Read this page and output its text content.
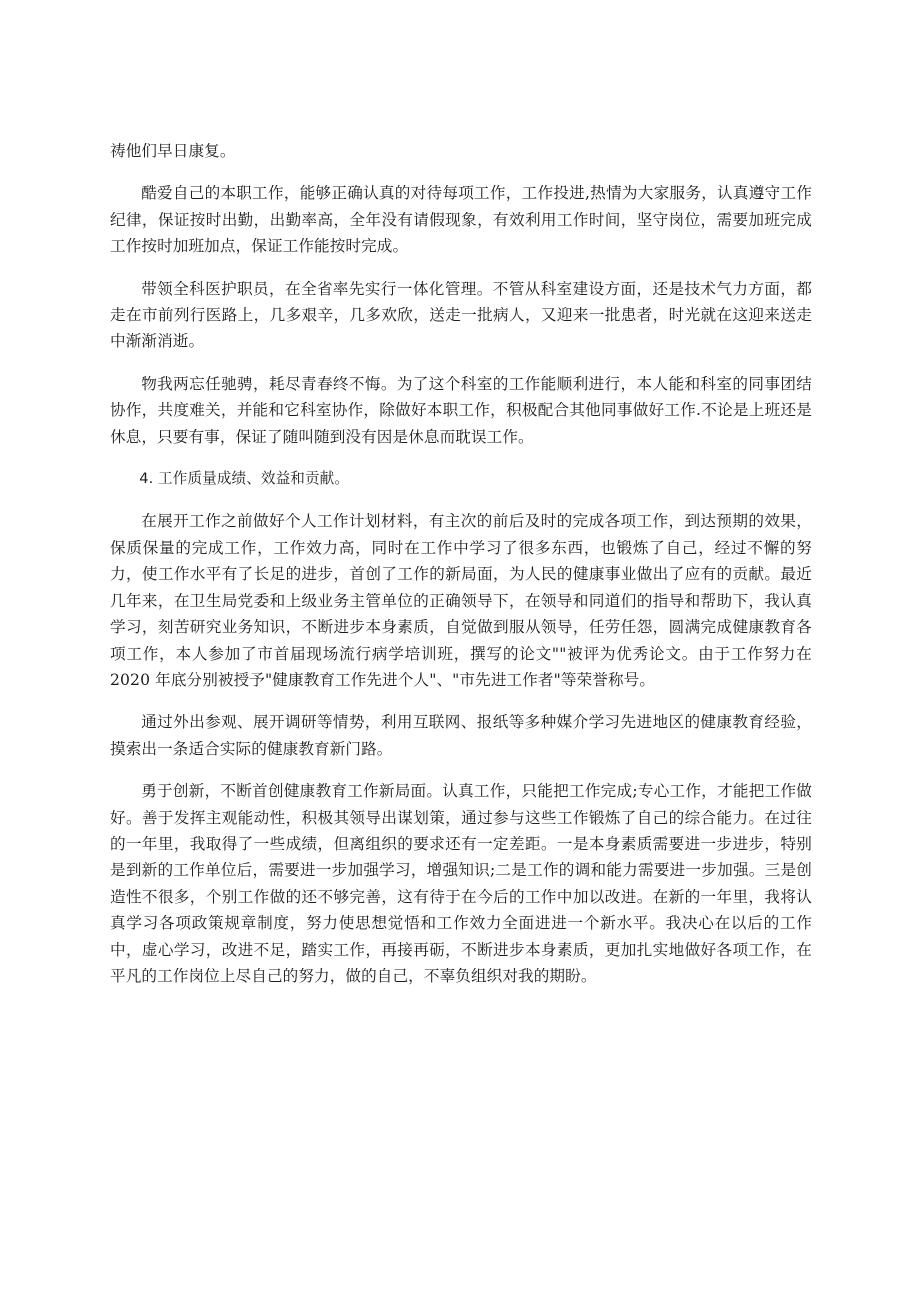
祷他们早日康复。

酷爱自己的本职工作，能够正确认真的对待每项工作，工作投进,热情为大家服务，认真遵守工作纪律，保证按时出勤，出勤率高，全年没有请假现象，有效利用工作时间，坚守岗位，需要加班完成工作按时加班加点，保证工作能按时完成。

带领全科医护职员，在全省率先实行一体化管理。不管从科室建设方面，还是技术气力方面，都走在市前列行医路上，几多艰辛，几多欢欣，送走一批病人，又迎来一批患者，时光就在这迎来送走中渐渐消逝。

物我两忘任驰骋，耗尽青春终不悔。为了这个科室的工作能顺利进行，本人能和科室的同事团结协作，共度难关，并能和它科室协作，除做好本职工作，积极配合其他同事做好工作.不论是上班还是休息，只要有事，保证了随叫随到没有因是休息而耽误工作。

4. 工作质量成绩、效益和贡献。

在展开工作之前做好个人工作计划材料，有主次的前后及时的完成各项工作，到达预期的效果，保质保量的完成工作，工作效力高，同时在工作中学习了很多东西，也锻炼了自己，经过不懈的努力，使工作水平有了长足的进步，首创了工作的新局面，为人民的健康事业做出了应有的贡献。最近几年来，在卫生局党委和上级业务主管单位的正确领导下，在领导和同道们的指导和帮助下，我认真学习，刻苦研究业务知识，不断进步本身素质，自觉做到服从领导，任劳任怨，圆满完成健康教育各项工作，本人参加了市首届现场流行病学培训班，撰写的论文""被评为优秀论文。由于工作努力在 2020 年底分别被授予"健康教育工作先进个人"、"市先进工作者"等荣誉称号。

通过外出参观、展开调研等情势，利用互联网、报纸等多种媒介学习先进地区的健康教育经验，摸索出一条适合实际的健康教育新门路。

勇于创新，不断首创健康教育工作新局面。认真工作，只能把工作完成;专心工作，才能把工作做好。善于发挥主观能动性，积极其领导出谋划策，通过参与这些工作锻炼了自己的综合能力。在过往的一年里，我取得了一些成绩，但离组织的要求还有一定差距。一是本身素质需要进一步进步，特别是到新的工作单位后，需要进一步加强学习，增强知识;二是工作的调和能力需要进一步加强。三是创造性不很多，个别工作做的还不够完善，这有待于在今后的工作中加以改进。在新的一年里，我将认真学习各项政策规章制度，努力使思想觉悟和工作效力全面进进一个新水平。我决心在以后的工作中，虚心学习，改进不足，踏实工作，再接再砺，不断进步本身素质，更加扎实地做好各项工作，在平凡的工作岗位上尽自己的努力，做的自己，不辜负组织对我的期盼。
